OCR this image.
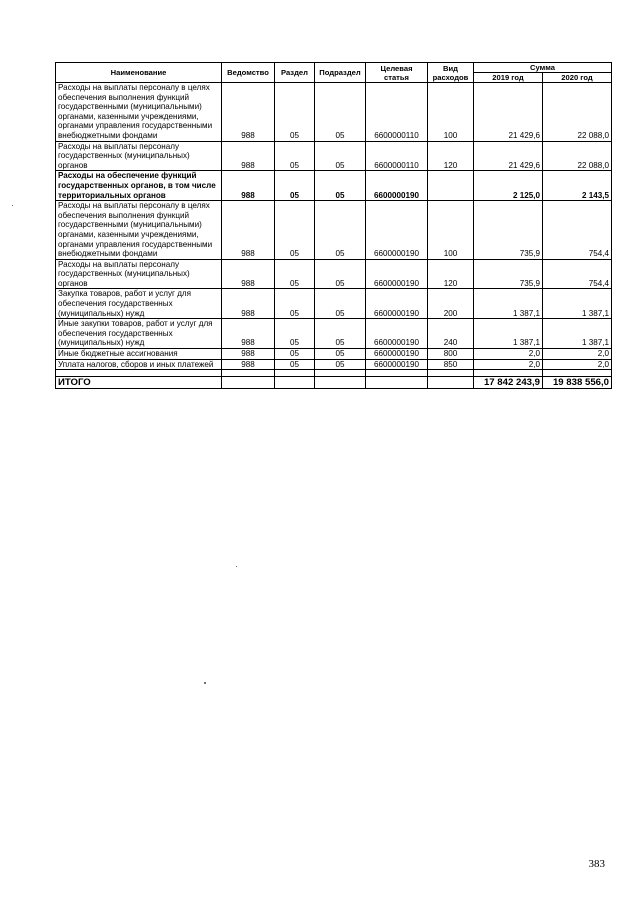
Наименование	Ведомство	Раздел	Подраздел	Целевая статья	Вид расходов	Сумма	
						2019 год	2020 год
Расходы на выплаты персоналу в целях обеспечения выполнения функций государственными (муниципальными) органами, казенными учреждениями, органами управления государственными внебюджетными фондами	988	05	05	6600000110	100	21 429,6	22 088,0
Расходы на выплаты персоналу государственных (муниципальных) органов	988	05	05	6600000110	120	21 429,6	22 088,0
Расходы на обеспечение функций государственных органов, в том числе территориальных органов	988	05	05	6600000190		2 125,0	2 143,5
Расходы на выплаты персоналу в целях обеспечения выполнения функций государственными (муниципальными) органами, казенными учреждениями, органами управления государственными внебюджетными фондами	988	05	05	6600000190	100	735,9	754,4
Расходы на выплаты персоналу государственных (муниципальных) органов	988	05	05	6600000190	120	735,9	754,4
Закупка товаров, работ и услуг для обеспечения государственных (муниципальных) нужд	988	05	05	6600000190	200	1 387,1	1 387,1
Иные закупки товаров, работ и услуг для обеспечения государственных (муниципальных) нужд	988	05	05	6600000190	240	1 387,1	1 387,1
Иные бюджетные ассигнования	988	05	05	6600000190	800	2,0	2,0
Уплата налогов, сборов и иных платежей	988	05	05	6600000190	850	2,0	2,0

ИТОГО						17 842 243,9	19 838 556,0
383
